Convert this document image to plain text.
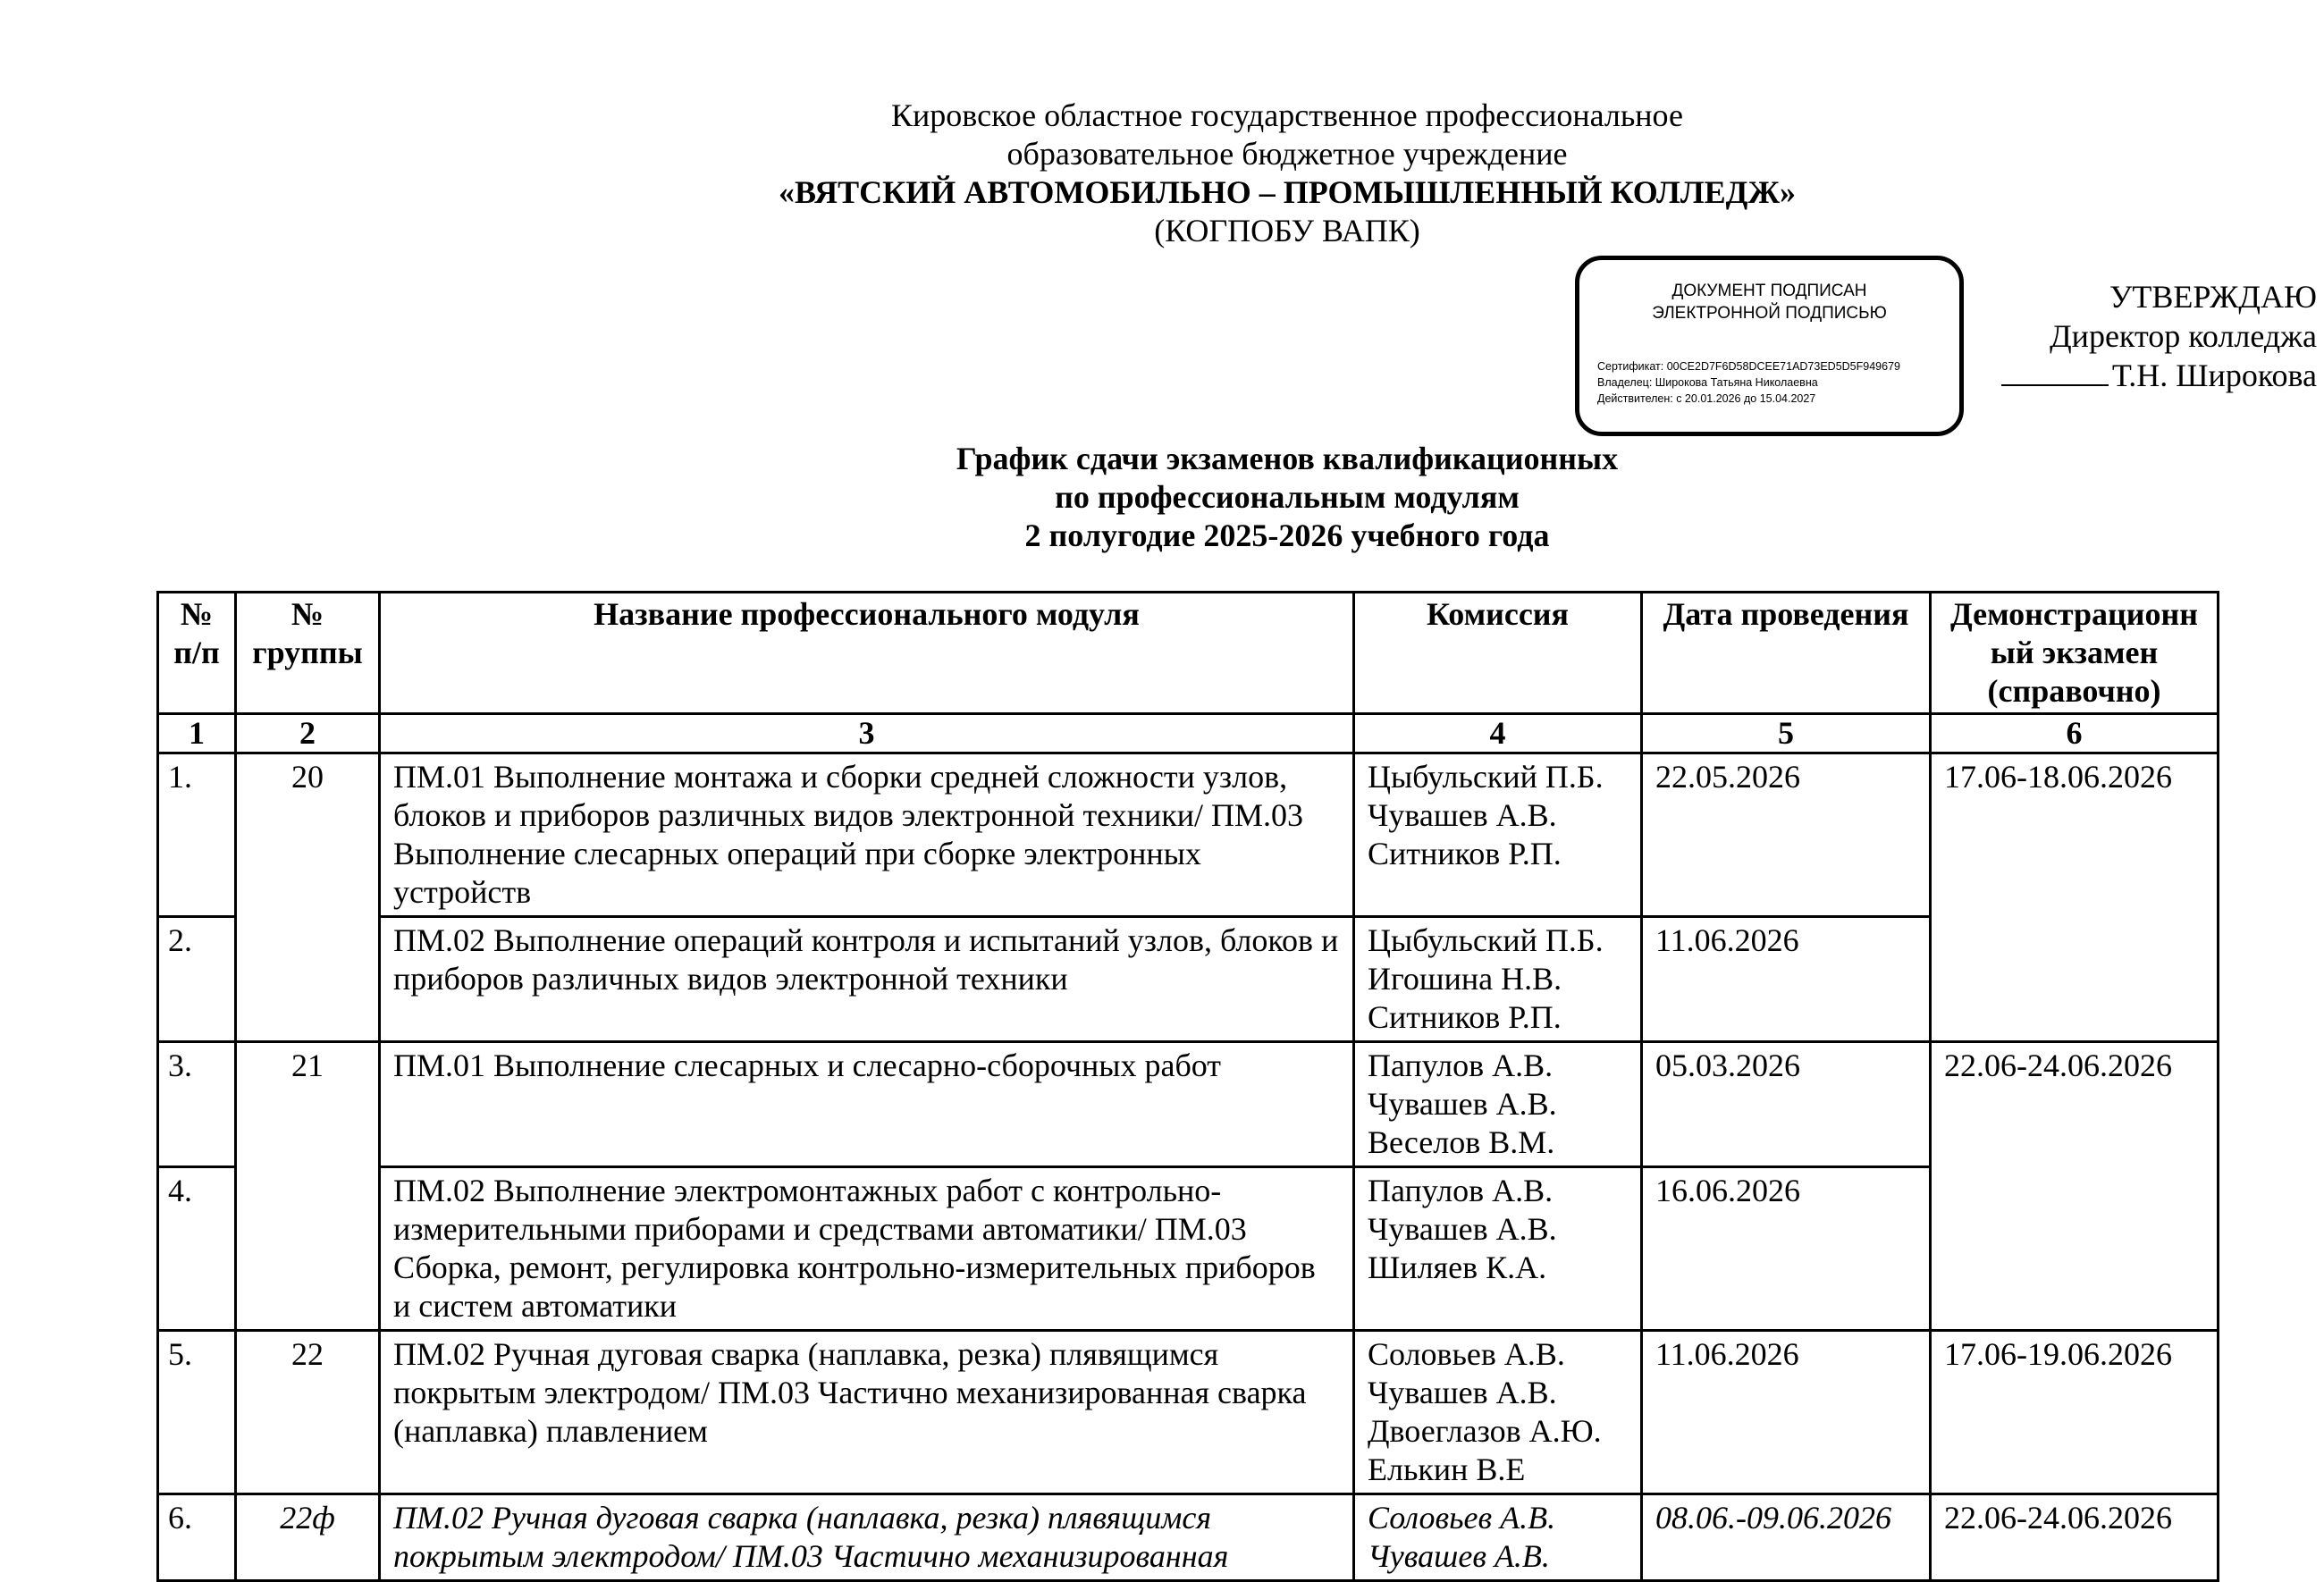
Кировское областное государственное профессиональное
образовательное бюджетное учреждение
«ВЯТСКИЙ АВТОМОБИЛЬНО – ПРОМЫШЛЕННЫЙ КОЛЛЕДЖ»
(КОГПОБУ ВАПК)
ДОКУМЕНТ ПОДПИСАН
ЭЛЕКТРОННОЙ ПОДПИСЬЮ
Сертификат: 00CE2D7F6D58DCEE71AD73ED5D5F949679
Владелец: Широкова Татьяна Николаевна
Действителен: с 20.01.2026 до 15.04.2027
УТВЕРЖДАЮ
Директор колледжа
Т.Н. Широкова
График сдачи экзаменов квалификационных
по профессиональным модулям
2 полугодие 2025-2026 учебного года
№
п/п	№
группы	Название профессионального модуля	Комиссия	Дата проведения	Демонстрационн
ый экзамен
(справочно)
1	2	3	4	5	6
1.	20	ПМ.01 Выполнение монтажа и сборки средней сложности узлов, блоков и приборов различных видов электронной техники/ ПМ.03 Выполнение слесарных операций при сборке электронных устройств	Цыбульский П.Б.
Чувашев А.В.
Ситников Р.П.	22.05.2026	17.06-18.06.2026
2.		ПМ.02 Выполнение операций контроля и испытаний узлов, блоков и приборов различных видов электронной техники	Цыбульский П.Б.
Игошина Н.В.
Ситников Р.П.	11.06.2026	
3.	21	ПМ.01 Выполнение слесарных и слесарно-сборочных работ	Папулов А.В.
Чувашев А.В.
Веселов В.М.	05.03.2026	22.06-24.06.2026
4.		ПМ.02 Выполнение электромонтажных работ с контрольно-измерительными приборами и средствами автоматики/ ПМ.03 Сборка, ремонт, регулировка контрольно-измерительных приборов и систем автоматики	Папулов А.В.
Чувашев А.В.
Шиляев К.А.	16.06.2026	
5.	22	ПМ.02 Ручная дуговая сварка (наплавка, резка) плявящимся покрытым электродом/ ПМ.03 Частично механизированная сварка (наплавка) плавлением	Соловьев А.В.
Чувашев А.В.
Двоеглазов А.Ю.
Елькин В.Е	11.06.2026	17.06-19.06.2026
6.	22ф	ПМ.02 Ручная дуговая сварка (наплавка, резка) плявящимся покрытым электродом/ ПМ.03 Частично механизированная	Соловьев А.В.
Чувашев А.В.	08.06.-09.06.2026	22.06-24.06.2026
